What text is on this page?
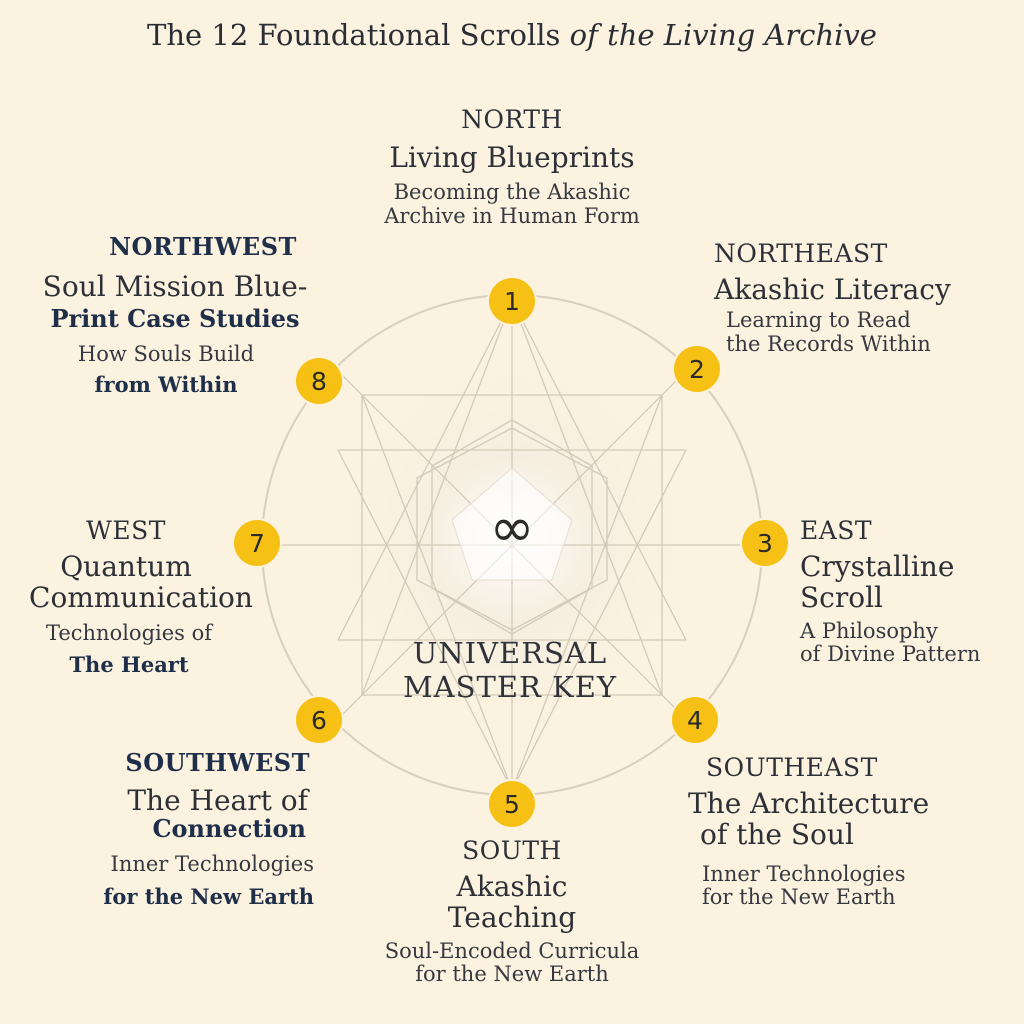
The 12 Foundational Scrolls of the Living Archive
∞
UNIVERSAL
MASTER KEY
NORTH
Living Blueprints
Becoming the Akashic
Archive in Human Form
1
NORTHEAST
Akashic Literacy
Learning to Read
the Records Within
2
EAST
Crystalline
Scroll
A Philosophy
of Divine Pattern
3
SOUTHEAST
The Architecture
of the Soul
Inner Technologies
for the New Earth
4
SOUTH
Akashic
Teaching
Soul-Encoded Curricula
for the New Earth
5
SOUTHWEST
The Heart of
Connection
Inner Technologies
for the New Earth
6
WEST
Quantum
Communication
Technologies of
The Heart
7
NORTHWEST
Soul Mission Blue-
Print Case Studies
How Souls Build
from Within	8
